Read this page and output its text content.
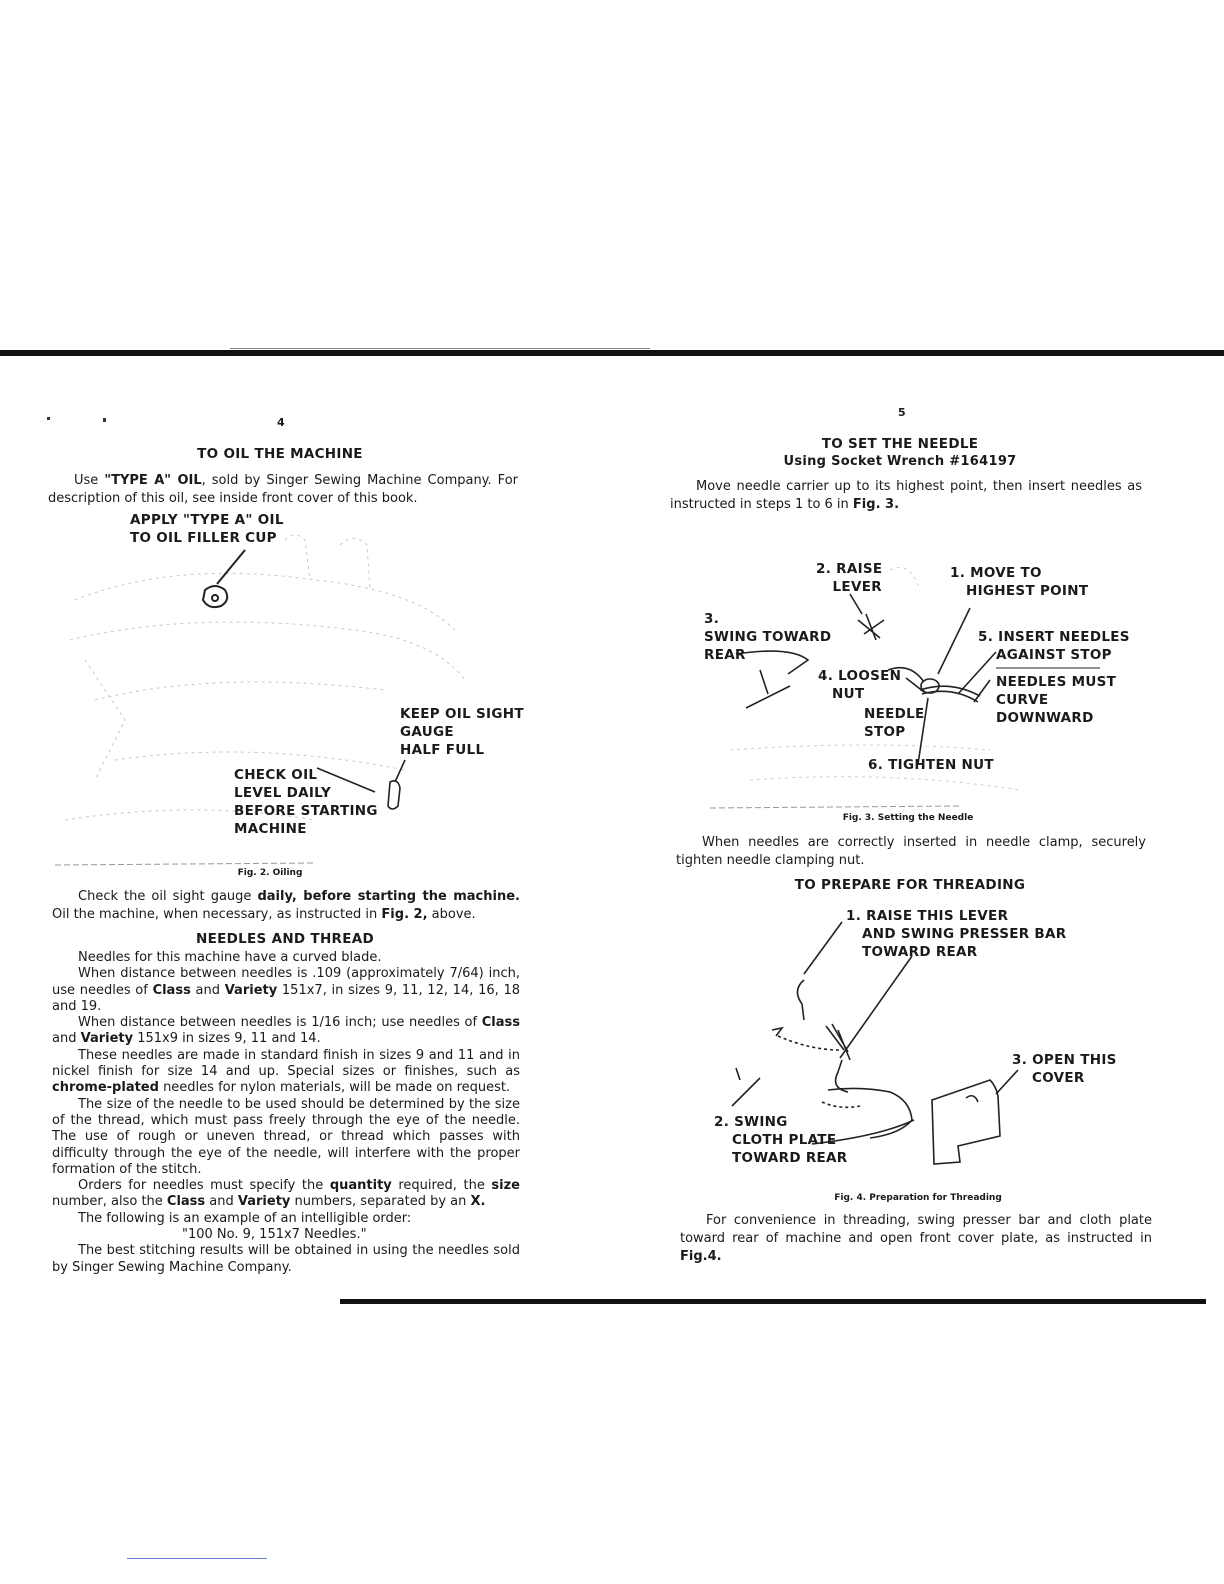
4
TO OIL THE MACHINE
Use "TYPE A" OIL, sold by Singer Sewing Machine Company. For description of this oil, see inside front cover of this book.
APPLY "TYPE A" OIL
TO OIL FILLER CUP
KEEP OIL SIGHT
GAUGE
HALF FULL
CHECK OIL
LEVEL DAILY
BEFORE STARTING
MACHINE
Fig. 2. Oiling
Check the oil sight gauge daily, before starting the machine. Oil the machine, when necessary, as instructed in Fig. 2, above.
NEEDLES AND THREAD

Needles for this machine have a curved blade.

When distance between needles is .109 (approximately 7/64) inch, use needles of Class and Variety 151x7, in sizes 9, 11, 12, 14, 16, 18 and 19.

When distance between needles is 1/16 inch; use needles of Class and Variety 151x9 in sizes 9, 11 and 14.

These needles are made in standard finish in sizes 9 and 11 and in nickel finish for size 14 and up. Special sizes or finishes, such as chrome-plated needles for nylon materials, will be made on request.

The size of the needle to be used should be determined by the size of the thread, which must pass freely through the eye of the needle. The use of rough or uneven thread, or thread which passes with difficulty through the eye of the needle, will interfere with the proper formation of the stitch.

Orders for needles must specify the quantity required, the size number, also the Class and Variety numbers, separated by an X.

The following is an example of an intelligible order:

"100 No. 9, 151x7 Needles."

The best stitching results will be obtained in using the needles sold by Singer Sewing Machine Company.

5
TO SET THE NEEDLE
Using Socket Wrench #164197
Move needle carrier up to its highest point, then insert needles as instructed in steps 1 to 6 in Fig. 3.
2. RAISE
LEVER
1. MOVE TO
HIGHEST POINT
3.
SWING TOWARD
REAR
5. INSERT NEEDLES
AGAINST STOP
4. LOOSEN
NUT
NEEDLES MUST
CURVE
DOWNWARD
NEEDLE
STOP
6. TIGHTEN NUT
Fig. 3. Setting the Needle
When needles are correctly inserted in needle clamp, securely tighten needle clamping nut.
TO PREPARE FOR THREADING
1. RAISE THIS LEVER
AND SWING PRESSER BAR
TOWARD REAR
3. OPEN THIS
COVER
2. SWING
CLOTH PLATE
TOWARD REAR
Fig. 4. Preparation for Threading
For convenience in threading, swing presser bar and cloth plate toward rear of machine and open front cover plate, as instructed in Fig.4.
